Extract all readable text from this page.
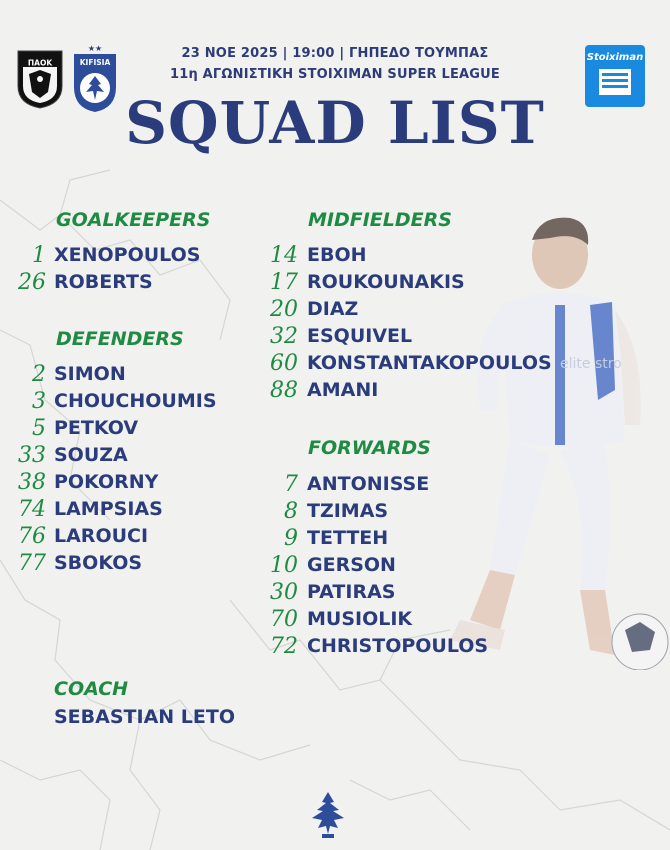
elite stro
ΠΑΟΚ
★★
KIFISIA	Stoiximan
23 ΝΟΕ 2025 | 19:00 | ΓΗΠΕΔΟ ΤΟΥΜΠΑΣ
11η ΑΓΩΝΙΣΤΙΚΗ STOIXIMAN SUPER LEAGUE
SQUAD LIST
GOALKEEPERS
1 XENOPOULOS
26 ROBERTS
DEFENDERS
2 SIMON
3 CHOUCHOUMIS
5 PETKOV
33 SOUZA
38 POKORNY
74 LAMPSIAS
76 LAROUCI
77 SBOKOS
COACH
SEBASTIAN LETO
MIDFIELDERS
14 EBOH
17 ROUKOUNAKIS
20 DIAZ
32 ESQUIVEL
60 KONSTANTAKOPOULOS
88 AMANI
FORWARDS
7 ANTONISSE
8 TZIMAS
9 TETTEH
10 GERSON
30 PATIRAS
70 MUSIOLIK
72 CHRISTOPOULOS
